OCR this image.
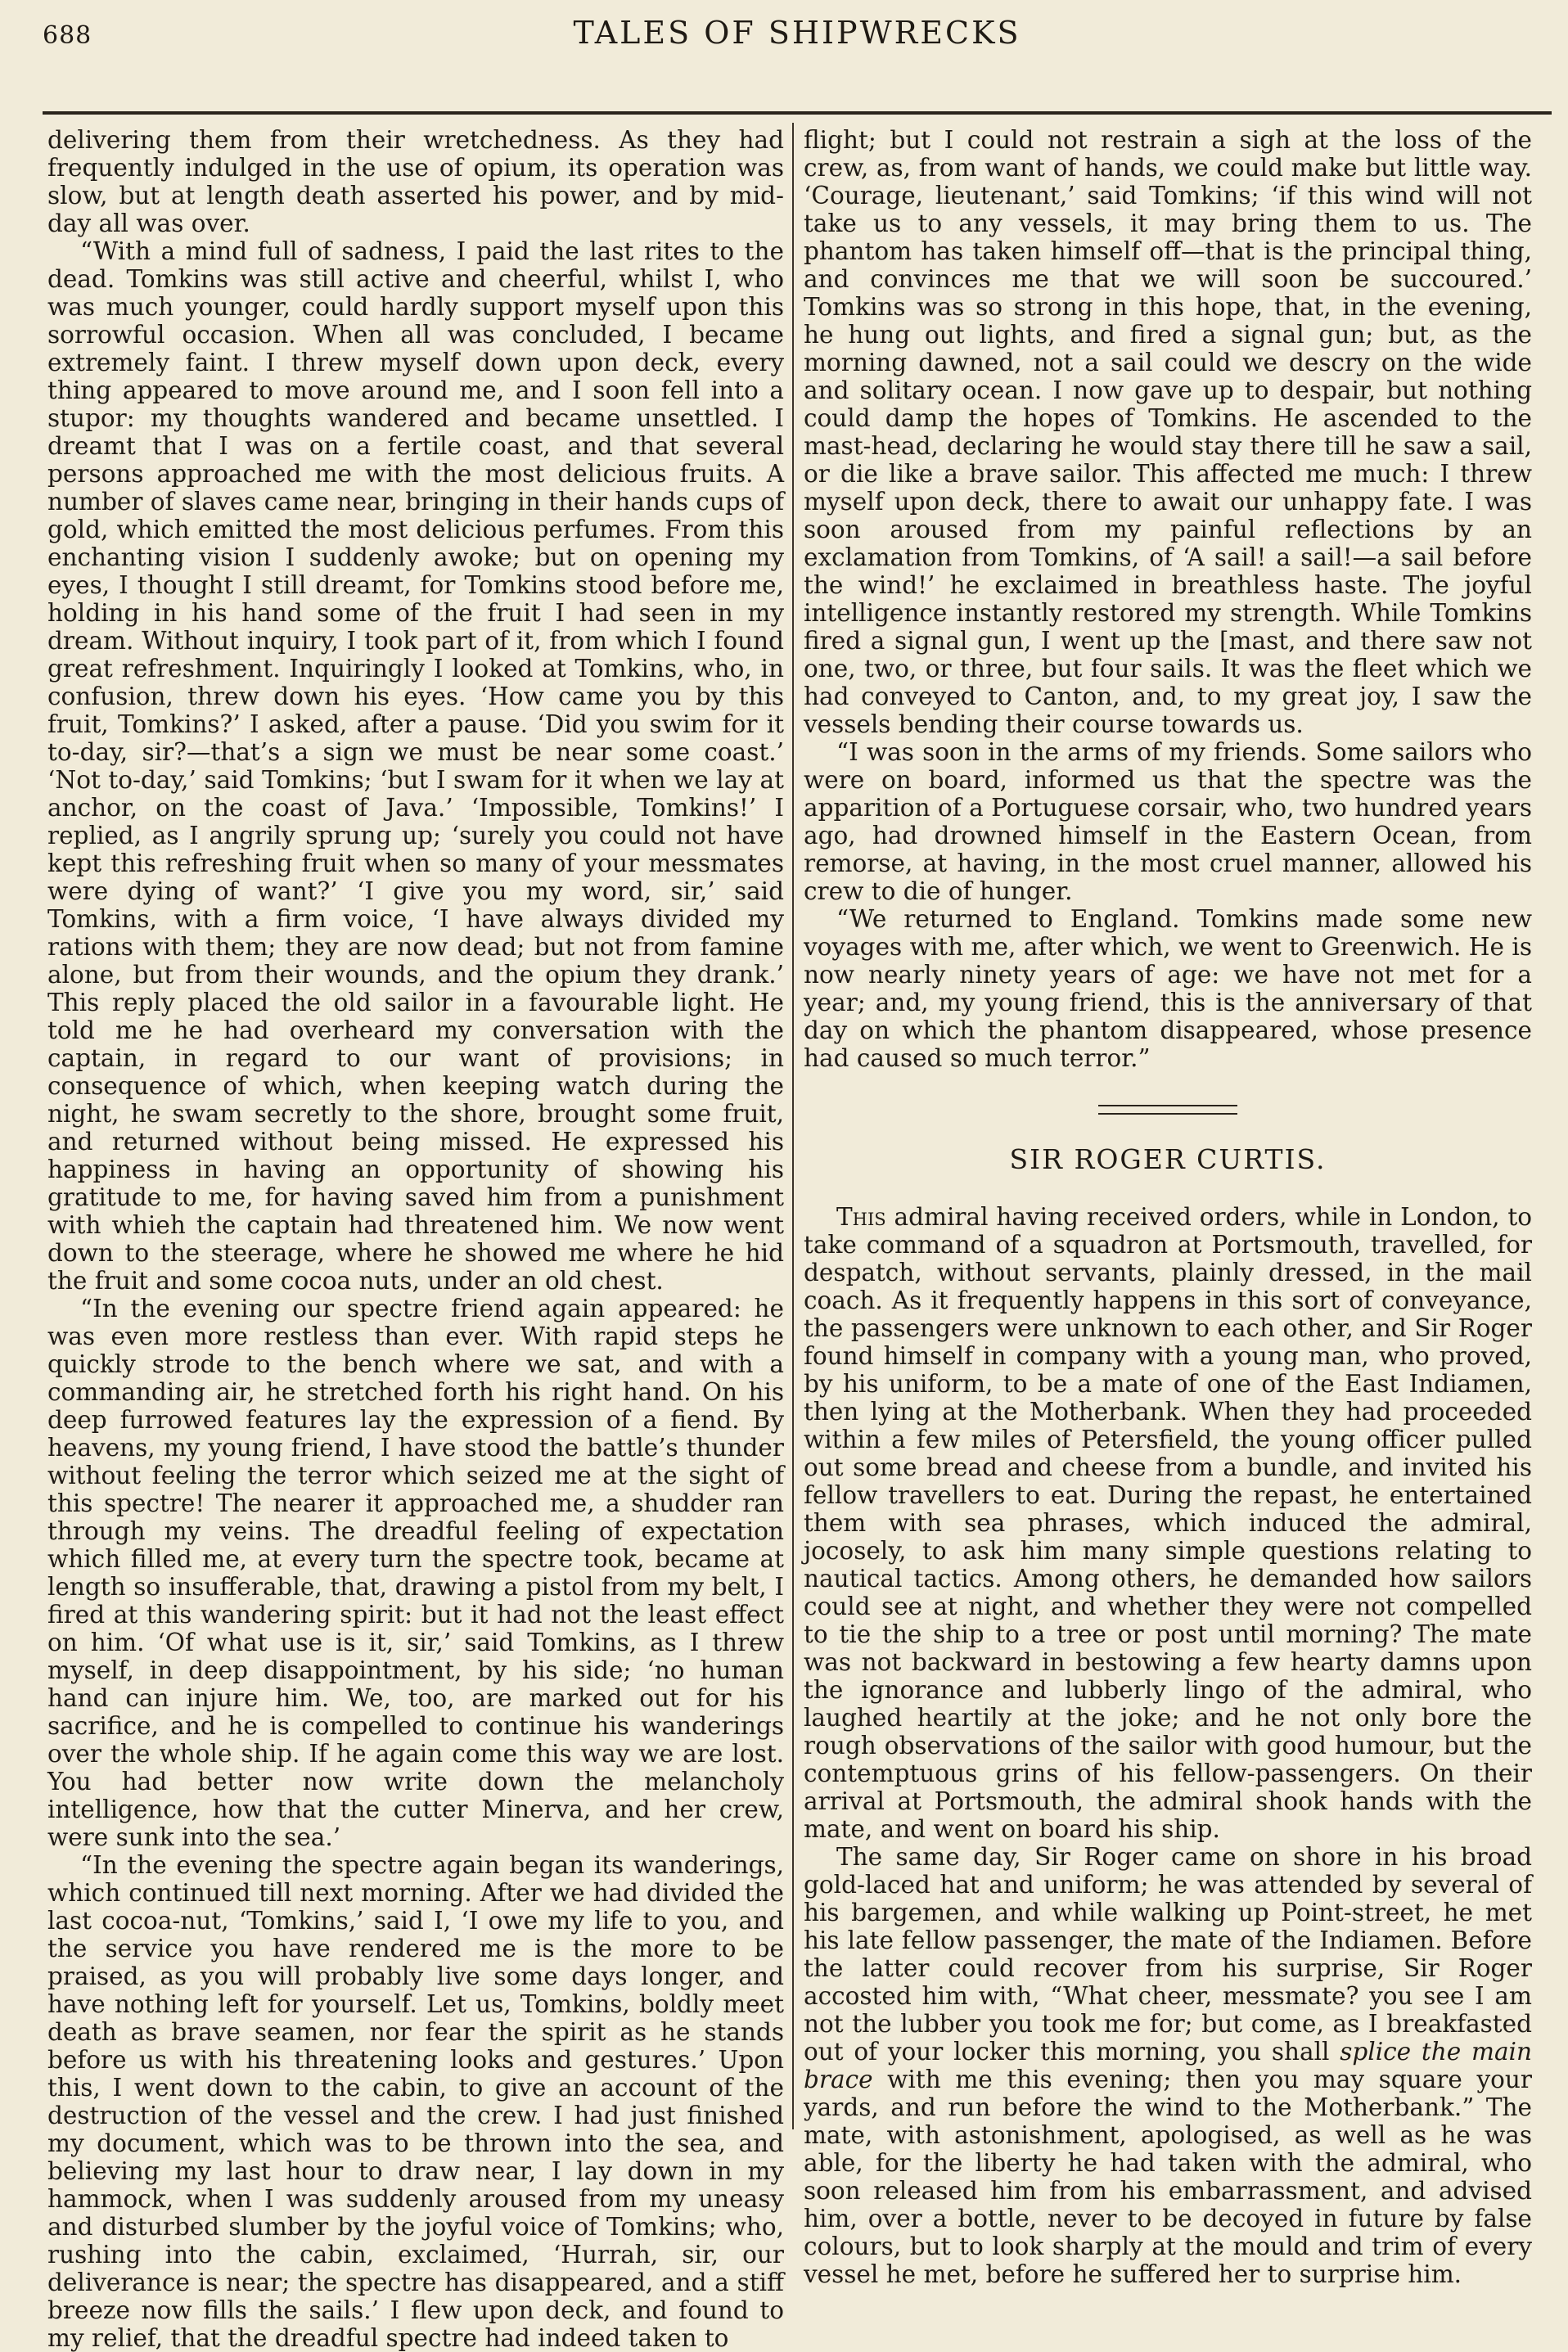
688	TALES OF SHIPWRECKS

delivering them from their wretchedness. As they had frequently indulged in the use of opium, its operation was slow, but at length death asserted his power, and by mid-day all was over.

“With a mind full of sadness, I paid the last rites to the dead. Tomkins was still active and cheerful, whilst I, who was much younger, could hardly support myself upon this sorrowful occasion. When all was concluded, I became extremely faint. I threw myself down upon deck, every thing appeared to move around me, and I soon fell into a stupor: my thoughts wandered and became unsettled. I dreamt that I was on a fertile coast, and that several persons approached me with the most delicious fruits. A number of slaves came near, bringing in their hands cups of gold, which emitted the most delicious perfumes. From this enchanting vision I suddenly awoke; but on opening my eyes, I thought I still dreamt, for Tomkins stood before me, holding in his hand some of the fruit I had seen in my dream. Without inquiry, I took part of it, from which I found great refreshment. Inquiringly I looked at Tomkins, who, in confusion, threw down his eyes. ‘How came you by this fruit, Tomkins?’ I asked, after a pause. ‘Did you swim for it to-day, sir?—that’s a sign we must be near some coast.’ ‘Not to-day,’ said Tomkins; ‘but I swam for it when we lay at anchor, on the coast of Java.’ ‘Impossible, Tomkins!’ I replied, as I angrily sprung up; ‘surely you could not have kept this refreshing fruit when so many of your messmates were dying of want?’ ‘I give you my word, sir,’ said Tomkins, with a firm voice, ‘I have always divided my rations with them; they are now dead; but not from famine alone, but from their wounds, and the opium they drank.’ This reply placed the old sailor in a favourable light. He told me he had overheard my conversation with the captain, in regard to our want of provisions; in consequence of which, when keeping watch during the night, he swam secretly to the shore, brought some fruit, and returned without being missed. He expressed his happiness in having an opportunity of showing his gratitude to me, for having saved him from a punishment with whieh the captain had threatened him. We now went down to the steerage, where he showed me where he hid the fruit and some cocoa nuts, under an old chest.

“In the evening our spectre friend again appeared: he was even more restless than ever. With rapid steps he quickly strode to the bench where we sat, and with a commanding air, he stretched forth his right hand. On his deep furrowed features lay the expression of a fiend. By heavens, my young friend, I have stood the battle’s thunder without feeling the terror which seized me at the sight of this spectre! The nearer it approached me, a shudder ran through my veins. The dreadful feeling of expectation which filled me, at every turn the spectre took, became at length so insufferable, that, drawing a pistol from my belt, I fired at this wandering spirit: but it had not the least effect on him. ‘Of what use is it, sir,’ said Tomkins, as I threw myself, in deep disappointment, by his side; ‘no human hand can injure him. We, too, are marked out for his sacrifice, and he is compelled to continue his wanderings over the whole ship. If he again come this way we are lost. You had better now write down the melancholy intelligence, how that the cutter Minerva, and her crew, were sunk into the sea.’

“In the evening the spectre again began its wanderings, which continued till next morning. After we had divided the last cocoa-nut, ‘Tomkins,’ said I, ‘I owe my life to you, and the service you have rendered me is the more to be praised, as you will probably live some days longer, and have nothing left for yourself. Let us, Tomkins, boldly meet death as brave seamen, nor fear the spirit as he stands before us with his threatening looks and gestures.’ Upon this, I went down to the cabin, to give an account of the destruction of the vessel and the crew. I had just finished my document, which was to be thrown into the sea, and believing my last hour to draw near, I lay down in my hammock, when I was suddenly aroused from my uneasy and disturbed slumber by the joyful voice of Tomkins; who, rushing into the cabin, exclaimed, ‘Hurrah, sir, our deliverance is near; the spectre has disappeared, and a stiff breeze now fills the sails.’ I flew upon deck, and found to my relief, that the dreadful spectre had indeed taken to

flight; but I could not restrain a sigh at the loss of the crew, as, from want of hands, we could make but little way. ‘Courage, lieutenant,’ said Tomkins; ‘if this wind will not take us to any vessels, it may bring them to us. The phantom has taken himself off—that is the principal thing, and convinces me that we will soon be succoured.’ Tomkins was so strong in this hope, that, in the evening, he hung out lights, and fired a signal gun; but, as the morning dawned, not a sail could we descry on the wide and solitary ocean. I now gave up to despair, but nothing could damp the hopes of Tomkins. He ascended to the mast-head, declaring he would stay there till he saw a sail, or die like a brave sailor. This affected me much: I threw myself upon deck, there to await our unhappy fate. I was soon aroused from my painful reflections by an exclamation from Tomkins, of ‘A sail! a sail!—a sail before the wind!’ he exclaimed in breathless haste. The joyful intelligence instantly restored my strength. While Tomkins fired a signal gun, I went up the [mast, and there saw not one, two, or three, but four sails. It was the fleet which we had conveyed to Canton, and, to my great joy, I saw the vessels bending their course towards us.

“I was soon in the arms of my friends. Some sailors who were on board, informed us that the spectre was the apparition of a Portuguese corsair, who, two hundred years ago, had drowned himself in the Eastern Ocean, from remorse, at having, in the most cruel manner, allowed his crew to die of hunger.

“We returned to England. Tomkins made some new voyages with me, after which, we went to Greenwich. He is now nearly ninety years of age: we have not met for a year; and, my young friend, this is the anniversary of that day on which the phantom disappeared, whose presence had caused so much terror.”

SIR ROGER CURTIS.

This admiral having received orders, while in London, to take command of a squadron at Portsmouth, travelled, for despatch, without servants, plainly dressed, in the mail coach. As it frequently happens in this sort of conveyance, the passengers were unknown to each other, and Sir Roger found himself in company with a young man, who proved, by his uniform, to be a mate of one of the East Indiamen, then lying at the Motherbank. When they had proceeded within a few miles of Petersfield, the young officer pulled out some bread and cheese from a bundle, and invited his fellow travellers to eat. During the repast, he entertained them with sea phrases, which induced the admiral, jocosely, to ask him many simple questions relating to nautical tactics. Among others, he demanded how sailors could see at night, and whether they were not compelled to tie the ship to a tree or post until morning? The mate was not backward in bestowing a few hearty damns upon the ignorance and lubberly lingo of the admiral, who laughed heartily at the joke; and he not only bore the rough observations of the sailor with good humour, but the contemptuous grins of his fellow-passengers. On their arrival at Portsmouth, the admiral shook hands with the mate, and went on board his ship.

The same day, Sir Roger came on shore in his broad gold-laced hat and uniform; he was attended by several of his bargemen, and while walking up Point-street, he met his late fellow passenger, the mate of the Indiamen. Before the latter could recover from his surprise, Sir Roger accosted him with, “What cheer, messmate? you see I am not the lubber you took me for; but come, as I breakfasted out of your locker this morning, you shall splice the main brace with me this evening; then you may square your yards, and run before the wind to the Motherbank.” The mate, with astonishment, apologised, as well as he was able, for the liberty he had taken with the admiral, who soon released him from his embarrassment, and advised him, over a bottle, never to be decoyed in future by false colours, but to look sharply at the mould and trim of every vessel he met, before he suffered her to surprise him.
